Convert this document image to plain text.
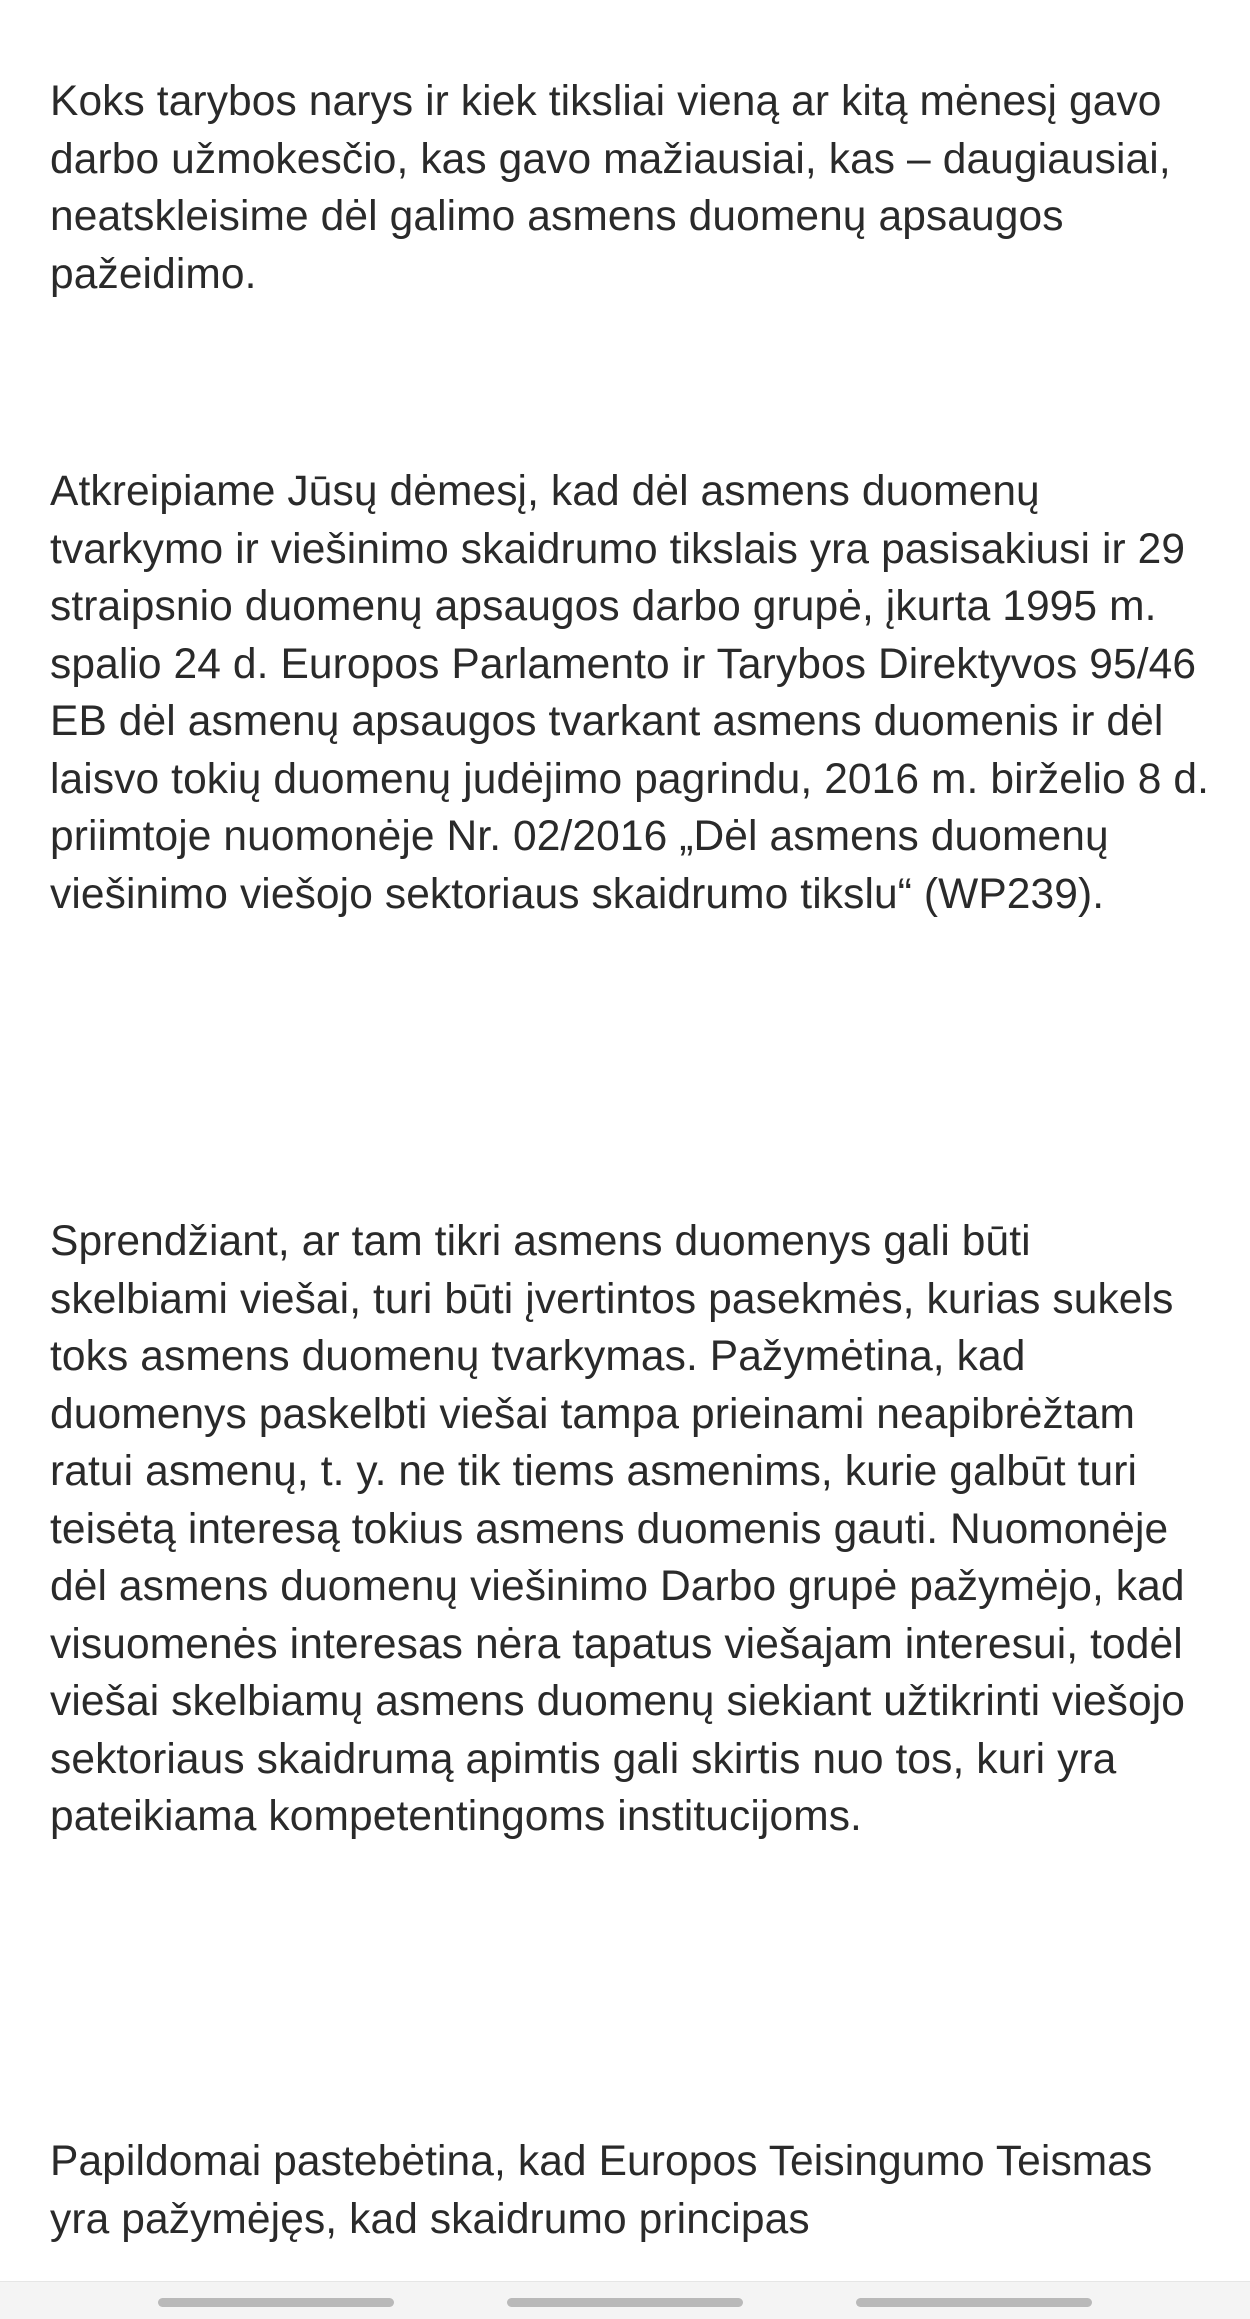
Koks tarybos narys ir kiek tiksliai vieną ar kitą mėnesį gavo darbo užmokesčio, kas gavo mažiausiai, kas – daugiausiai, neatskleisime dėl galimo asmens duomenų apsaugos pažeidimo.

Atkreipiame Jūsų dėmesį, kad dėl asmens duomenų tvarkymo ir viešinimo skaidrumo tikslais yra pasisakiusi ir 29 straipsnio duomenų apsaugos darbo grupė, įkurta 1995 m. spalio 24 d. Europos Parlamento ir Tarybos Direktyvos 95/46 EB dėl asmenų apsaugos tvarkant asmens duomenis ir dėl laisvo tokių duomenų judėjimo pagrindu, 2016 m. birželio 8 d. priimtoje nuomonėje Nr. 02/2016 „Dėl asmens duomenų viešinimo viešojo sektoriaus skaidrumo tikslu“ (WP239).

Sprendžiant, ar tam tikri asmens duomenys gali būti skelbiami viešai, turi būti įvertintos pasekmės, kurias sukels toks asmens duomenų tvarkymas. Pažymėtina, kad duomenys paskelbti viešai tampa prieinami neapibrėžtam ratui asmenų, t. y. ne tik tiems asmenims, kurie galbūt turi teisėtą interesą tokius asmens duomenis gauti. Nuomonėje dėl asmens duomenų viešinimo Darbo grupė pažymėjo, kad visuomenės interesas nėra tapatus viešajam interesui, todėl viešai skelbiamų asmens duomenų siekiant užtikrinti viešojo sektoriaus skaidrumą apimtis gali skirtis nuo tos, kuri yra pateikiama kompetentingoms institucijoms.

Papildomai pastebėtina, kad Europos Teisingumo Teismas yra pažymėjęs, kad skaidrumo principas
